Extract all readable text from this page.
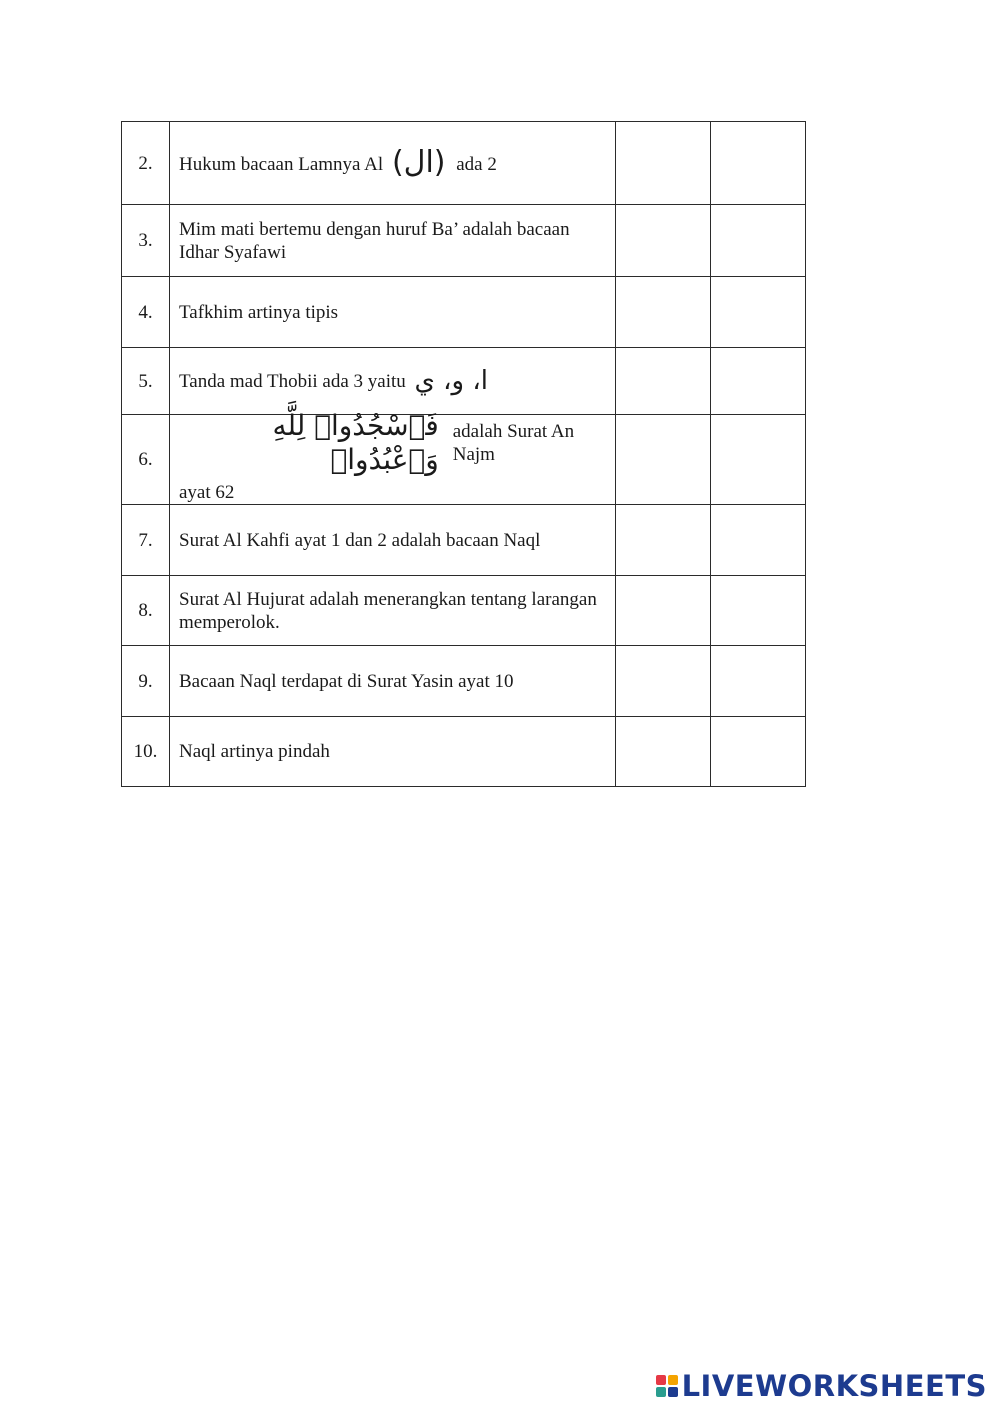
2.	Hukum bacaan Lamnya Al (ال) ada 2		
3.	Mim mati bertemu dengan huruf Ba’ adalah bacaan Idhar Syafawi		
4.	Tafkhim artinya tipis		
5.	Tanda mad Thobii ada 3 yaitu ا، و، ي		
6.	فَٱسْجُدُوا۟ لِلَّهِ وَٱعْبُدُوا۟
adalah Surat An Najm
ayat 62		

7.	Surat Al Kahfi ayat 1 dan 2 adalah bacaan Naql		
8.	Surat Al Hujurat adalah menerangkan tentang larangan memperolok.		
9.	Bacaan Naql terdapat di Surat Yasin ayat 10		
10.	Naql artinya pindah		
LIVEWORKSHEETS
